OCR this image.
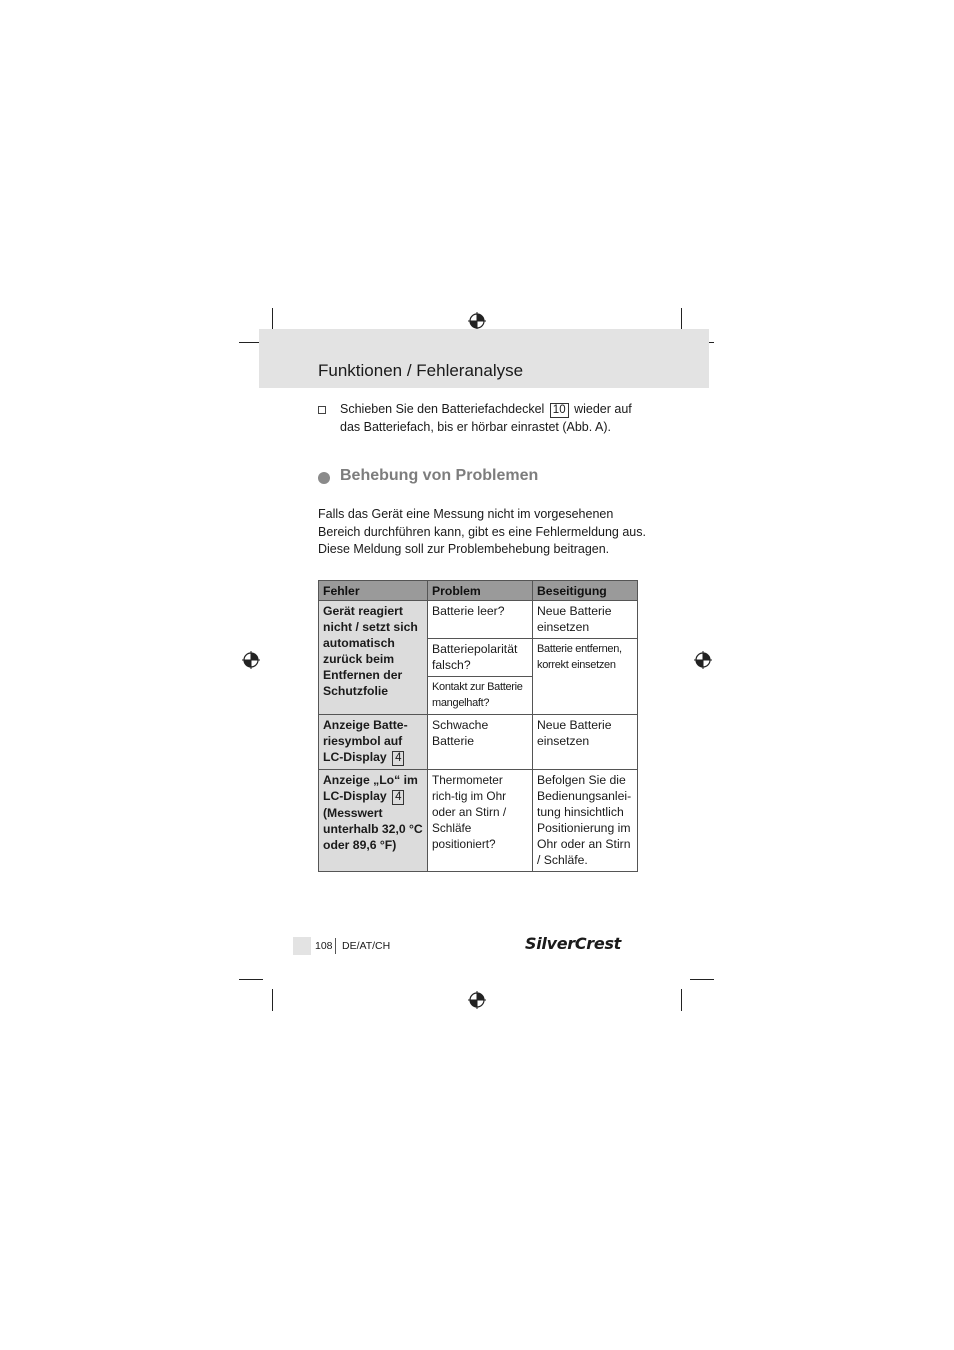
Funktionen / Fehleranalyse
Schieben Sie den Batteriefachdeckel 10 wieder auf das Batteriefach, bis er hörbar einrastet (Abb. A).
Behebung von Problemen
Falls das Gerät eine Messung nicht im vorgesehenen Bereich durchführen kann, gibt es eine Fehlermeldung aus. Diese Meldung soll zur Problembehebung beitragen.
Fehler	Problem	Beseitigung
Gerät reagiert nicht / setzt sich automatisch zurück beim Entfernen der Schutzfolie	Batterie leer?	Neue Batterie einsetzen
	Batteriepolarität falsch?	Batterie entfernen, korrekt einsetzen
	Kontakt zur Batterie mangelhaft?	
Anzeige Batte-riesymbol auf LC-Display 4	Schwache Batterie	Neue Batterie einsetzen
Anzeige „Lo“ im LC-Display 4 (Messwert unterhalb 32,0 °C oder 89,6 °F)	Thermometer rich-tig im Ohr oder an Stirn / Schläfe positioniert?	Befolgen Sie die Bedienungsanlei-tung hinsichtlich Positionierung im Ohr oder an Stirn / Schläfe.
108 DE/AT/CH	SilverCrest
